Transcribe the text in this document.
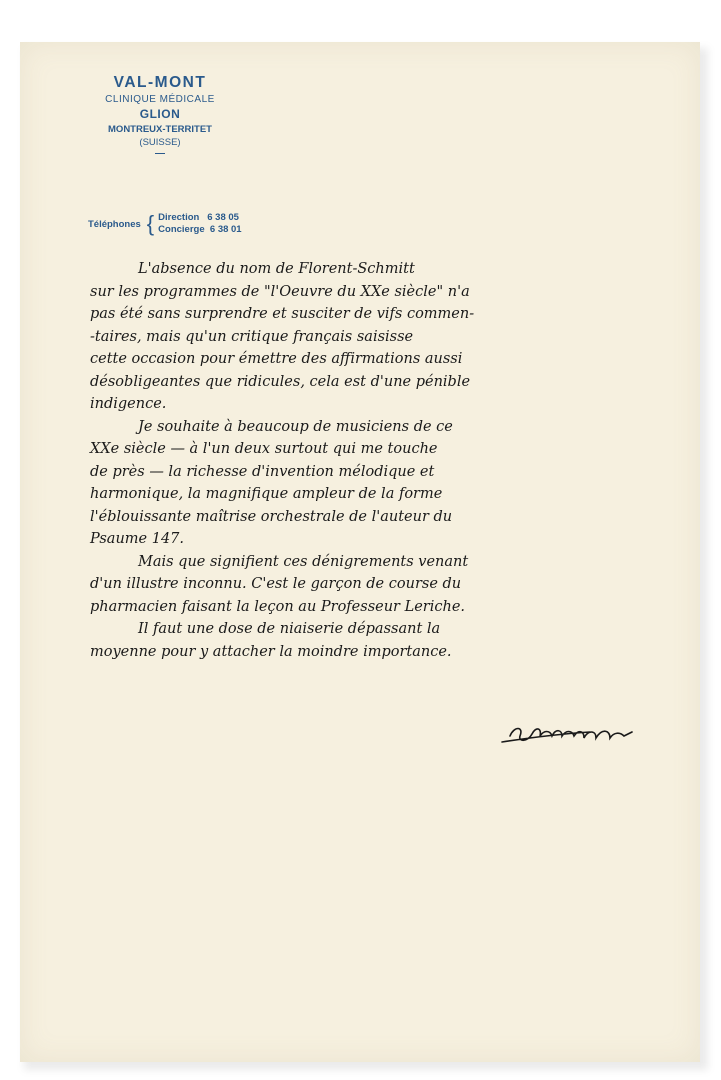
VAL-MONT
CLINIQUE MÉDICALE
GLION
MONTREUX-TERRITET
(SUISSE)
Téléphones { Direction   6 38 05
Concierge  6 38 01
L'absence du nom de Florent-Schmitt
sur les programmes de "l'Oeuvre du XXe siècle" n'a
pas été sans surprendre et susciter de vifs commen-
-taires, mais qu'un critique français saisisse
cette occasion pour émettre des affirmations aussi
désobligeantes que ridicules, cela est d'une pénible
indigence.
Je souhaite à beaucoup de musiciens de ce
XXe siècle — à l'un deux surtout qui me touche
de près — la richesse d'invention mélodique et
harmonique, la magnifique ampleur de la forme
l'éblouissante maîtrise orchestrale de l'auteur du
Psaume 147.
Mais que signifient ces dénigrements venant
d'un illustre inconnu. C'est le garçon de course du
pharmacien faisant la leçon au Professeur Leriche.
Il faut une dose de niaiserie dépassant la
moyenne pour y attacher la moindre importance.
